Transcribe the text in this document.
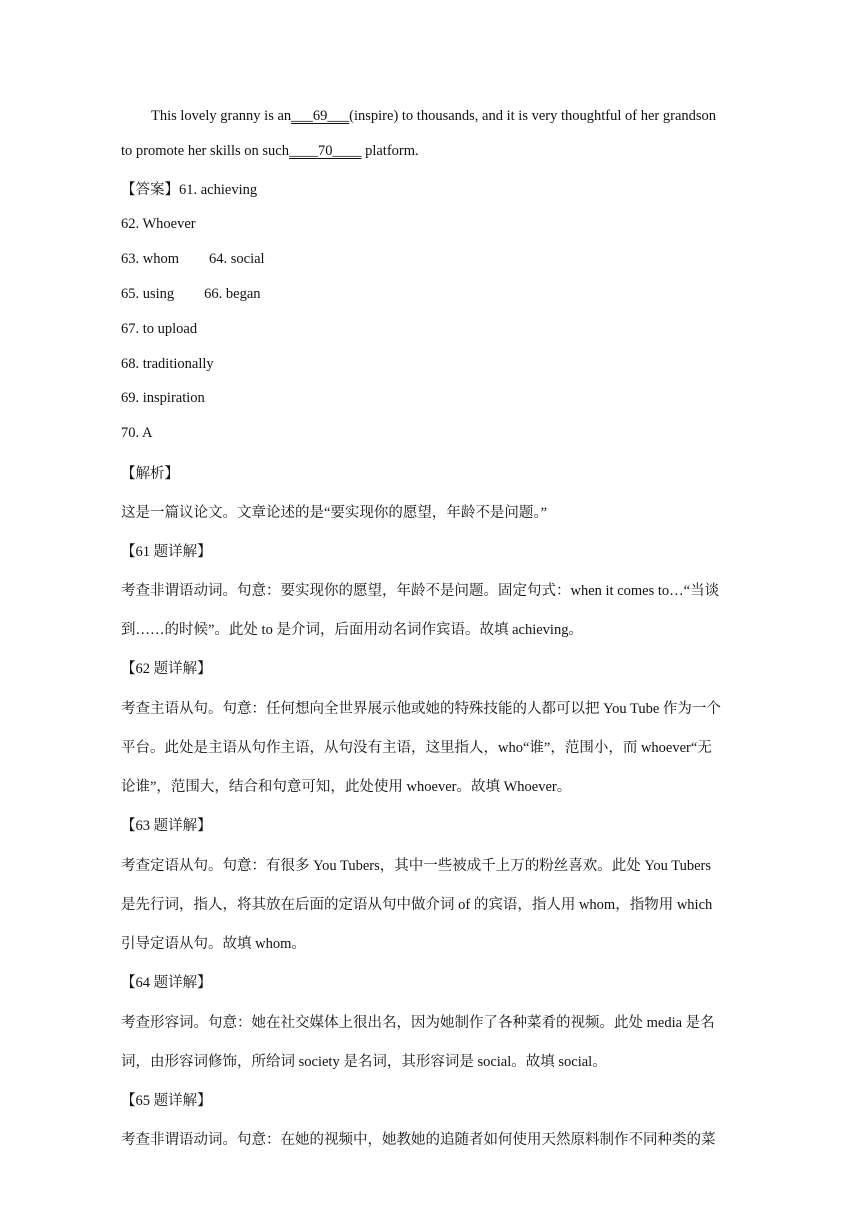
This lovely granny is an___69___(inspire) to thousands, and it is very thoughtful of her grandson
to promote her skills on such____70____ platform.
【答案】61. achieving
62. Whoever
63. whom 64. social
65. using 66. began
67. to upload
68. traditionally
69. inspiration
70. A
【解析】
这是一篇议论文。文章论述的是“要实现你的愿望，年龄不是问题。”
【61 题详解】
考查非谓语动词。句意：要实现你的愿望，年龄不是问题。固定句式：when it comes to…“当谈
到……的时候”。此处 to 是介词，后面用动名词作宾语。故填 achieving。
【62 题详解】
考查主语从句。句意：任何想向全世界展示他或她的特殊技能的人都可以把 You Tube 作为一个
平台。此处是主语从句作主语，从句没有主语，这里指人，who“谁”，范围小，而 whoever“无
论谁”，范围大，结合和句意可知，此处使用 whoever。故填 Whoever。
【63 题详解】
考查定语从句。句意：有很多 You Tubers，其中一些被成千上万的粉丝喜欢。此处 You Tubers
是先行词，指人，将其放在后面的定语从句中做介词 of 的宾语，指人用 whom，指物用 which
引导定语从句。故填 whom。
【64 题详解】
考查形容词。句意：她在社交媒体上很出名，因为她制作了各种菜肴的视频。此处 media 是名
词，由形容词修饰，所给词 society 是名词，其形容词是 social。故填 social。
【65 题详解】
考查非谓语动词。句意：在她的视频中，她教她的追随者如何使用天然原料制作不同种类的菜
